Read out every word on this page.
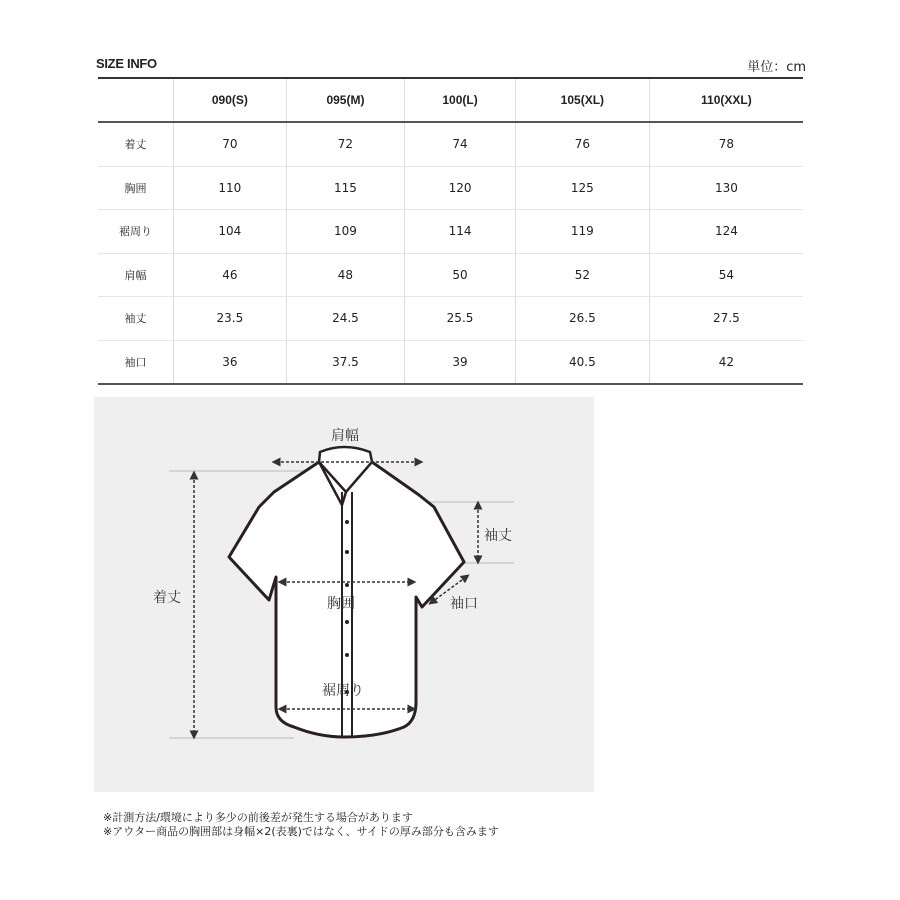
SIZE INFO	単位：cm
	090(S)	095(M)	100(L)	105(XL)	110(XXL)
着丈	70	72	74	76	78
胸囲	110	115	120	125	130
裾周り	104	109	114	119	124
肩幅	46	48	50	52	54
袖丈	23.5	24.5	25.5	26.5	27.5
袖口	36	37.5	39	40.5	42
肩幅
着丈
袖丈
胸囲	袖口
裾周り
※計測方法/環境により多少の前後差が発生する場合があります
※アウター商品の胸囲部は身幅×2(表裏)ではなく、サイドの厚み部分も含みます
